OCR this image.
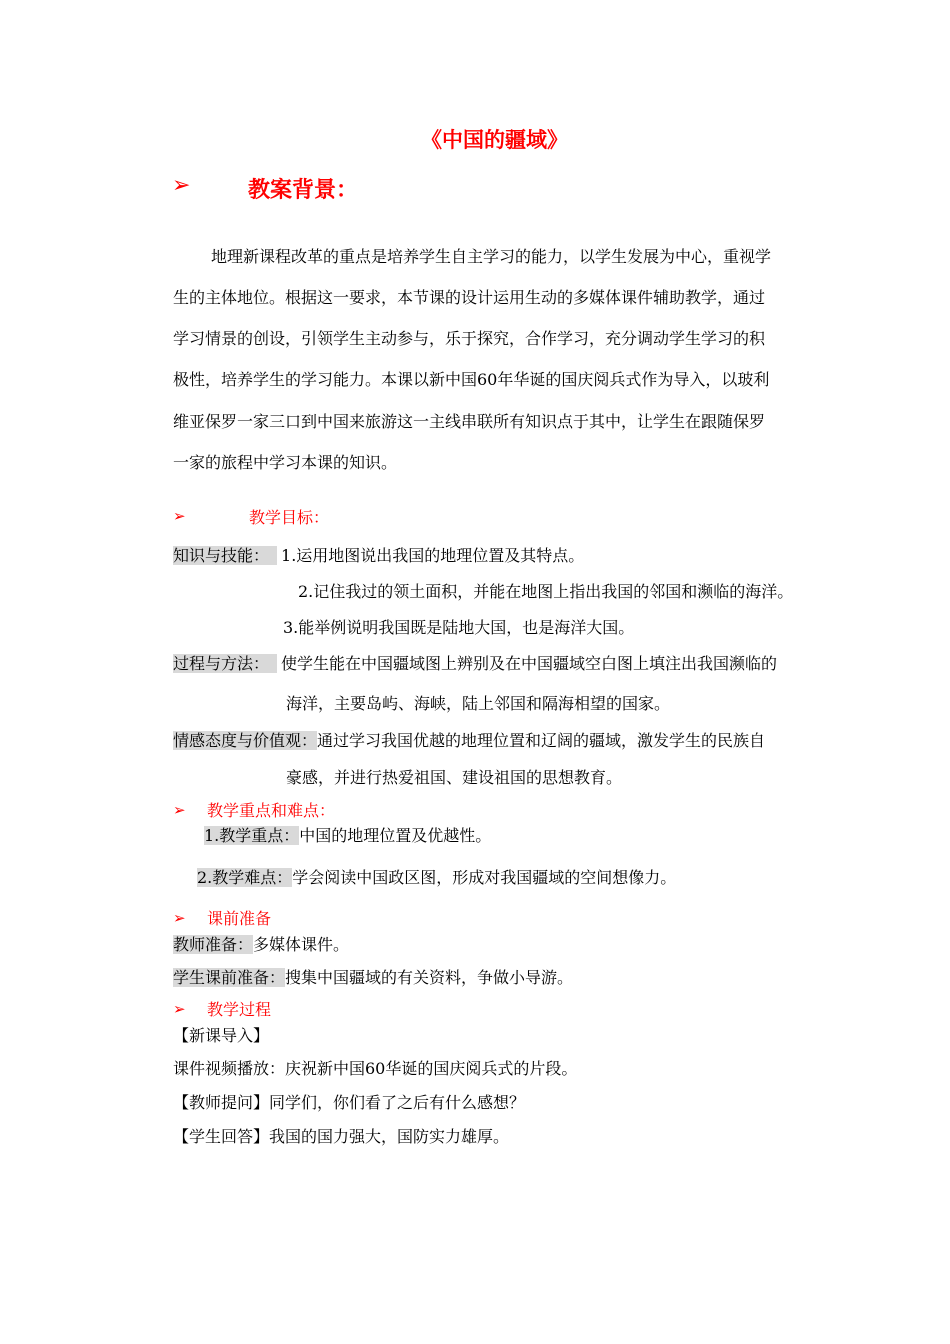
《中国的疆域》
➢	教案背景：
地理新课程改革的重点是培养学生自主学习的能力，以学生发展为中心，重视学
生的主体地位。根据这一要求，本节课的设计运用生动的多媒体课件辅助教学，通过
学习情景的创设，引领学生主动参与，乐于探究，合作学习，充分调动学生学习的积
极性，培养学生的学习能力。本课以新中国60年华诞的国庆阅兵式作为导入，以玻利
维亚保罗一家三口到中国来旅游这一主线串联所有知识点于其中，让学生在跟随保罗
一家的旅程中学习本课的知识。
➢	教学目标：
知识与技能： 1.运用地图说出我国的地理位置及其特点。
2.记住我过的领土面积，并能在地图上指出我国的邻国和濒临的海洋。
3.能举例说明我国既是陆地大国，也是海洋大国。
过程与方法： 使学生能在中国疆域图上辨别及在中国疆域空白图上填注出我国濒临的
海洋，主要岛屿、海峡，陆上邻国和隔海相望的国家。
情感态度与价值观：通过学习我国优越的地理位置和辽阔的疆域，激发学生的民族自
豪感，并进行热爱祖国、建设祖国的思想教育。
➢ 教学重点和难点：
1.教学重点：中国的地理位置及优越性。
2.教学难点：学会阅读中国政区图，形成对我国疆域的空间想像力。
➢ 课前准备
教师准备：多媒体课件。
学生课前准备：搜集中国疆域的有关资料，争做小导游。
➢ 教学过程
【新课导入】
课件视频播放：庆祝新中国60华诞的国庆阅兵式的片段。
【教师提问】同学们，你们看了之后有什么感想？
【学生回答】我国的国力强大，国防实力雄厚。
